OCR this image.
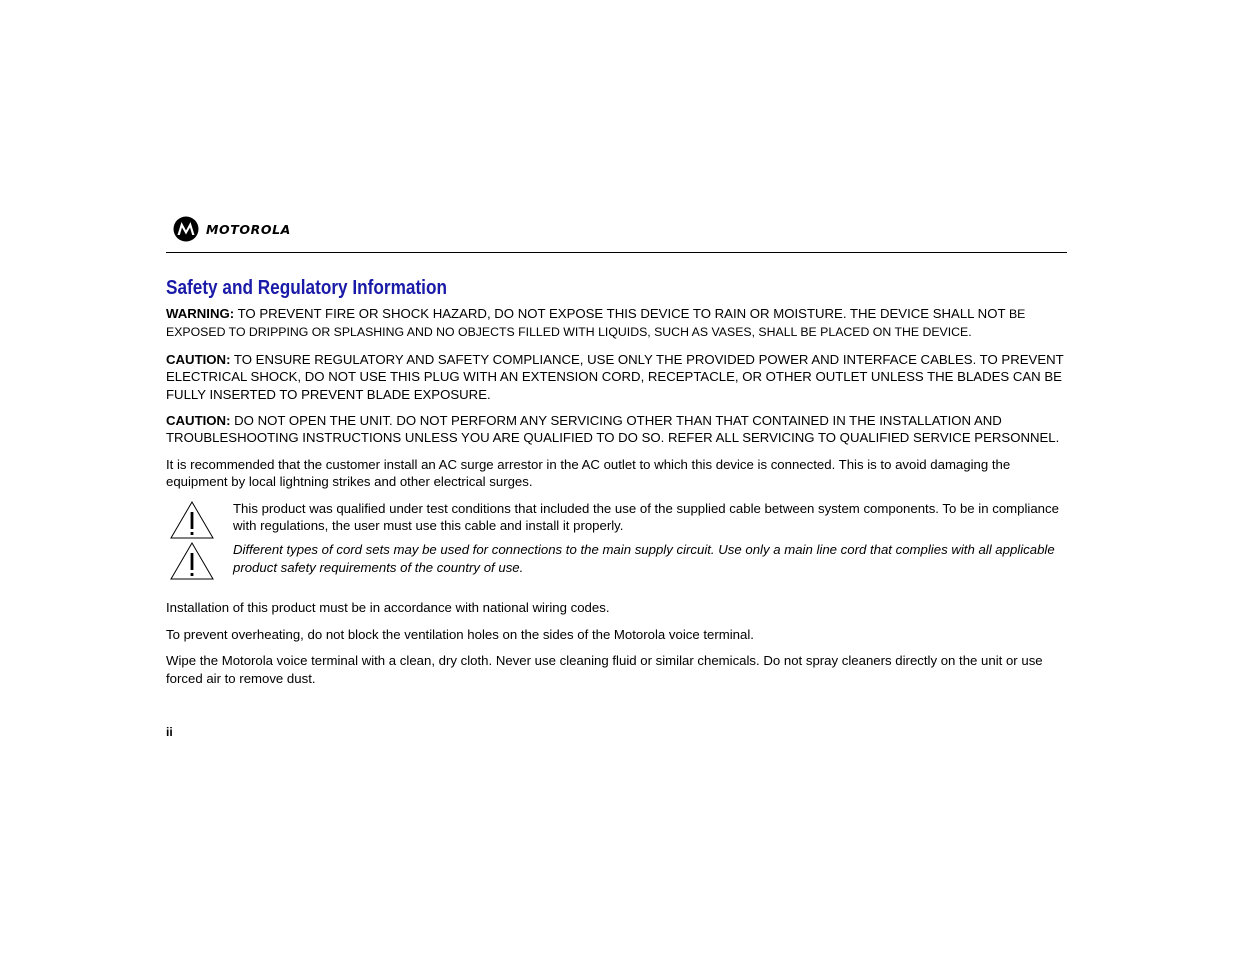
MOTOROLA
Safety and Regulatory Information

WARNING: TO PREVENT FIRE OR SHOCK HAZARD, DO NOT EXPOSE THIS DEVICE TO RAIN OR MOISTURE. THE DEVICE SHALL NOT BE EXPOSED TO DRIPPING OR SPLASHING AND NO OBJECTS FILLED WITH LIQUIDS, SUCH AS VASES, SHALL BE PLACED ON THE DEVICE.

CAUTION: TO ENSURE REGULATORY AND SAFETY COMPLIANCE, USE ONLY THE PROVIDED POWER AND INTERFACE CABLES. TO PREVENT ELECTRICAL SHOCK, DO NOT USE THIS PLUG WITH AN EXTENSION CORD, RECEPTACLE, OR OTHER OUTLET UNLESS THE BLADES CAN BE FULLY INSERTED TO PREVENT BLADE EXPOSURE.

CAUTION: DO NOT OPEN THE UNIT. DO NOT PERFORM ANY SERVICING OTHER THAN THAT CONTAINED IN THE INSTALLATION AND TROUBLESHOOTING INSTRUCTIONS UNLESS YOU ARE QUALIFIED TO DO SO. REFER ALL SERVICING TO QUALIFIED SERVICE PERSONNEL.

It is recommended that the customer install an AC surge arrestor in the AC outlet to which this device is connected. This is to avoid damaging the equipment by local lightning strikes and other electrical surges.

This product was qualified under test conditions that included the use of the supplied cable between system components. To be in compliance with regulations, the user must use this cable and install it properly.

Different types of cord sets may be used for connections to the main supply circuit. Use only a main line cord that complies with all applicable product safety requirements of the country of use.

Installation of this product must be in accordance with national wiring codes.

To prevent overheating, do not block the ventilation holes on the sides of the Motorola voice terminal.

Wipe the Motorola voice terminal with a clean, dry cloth. Never use cleaning fluid or similar chemicals. Do not spray cleaners directly on the unit or use forced air to remove dust.

ii
